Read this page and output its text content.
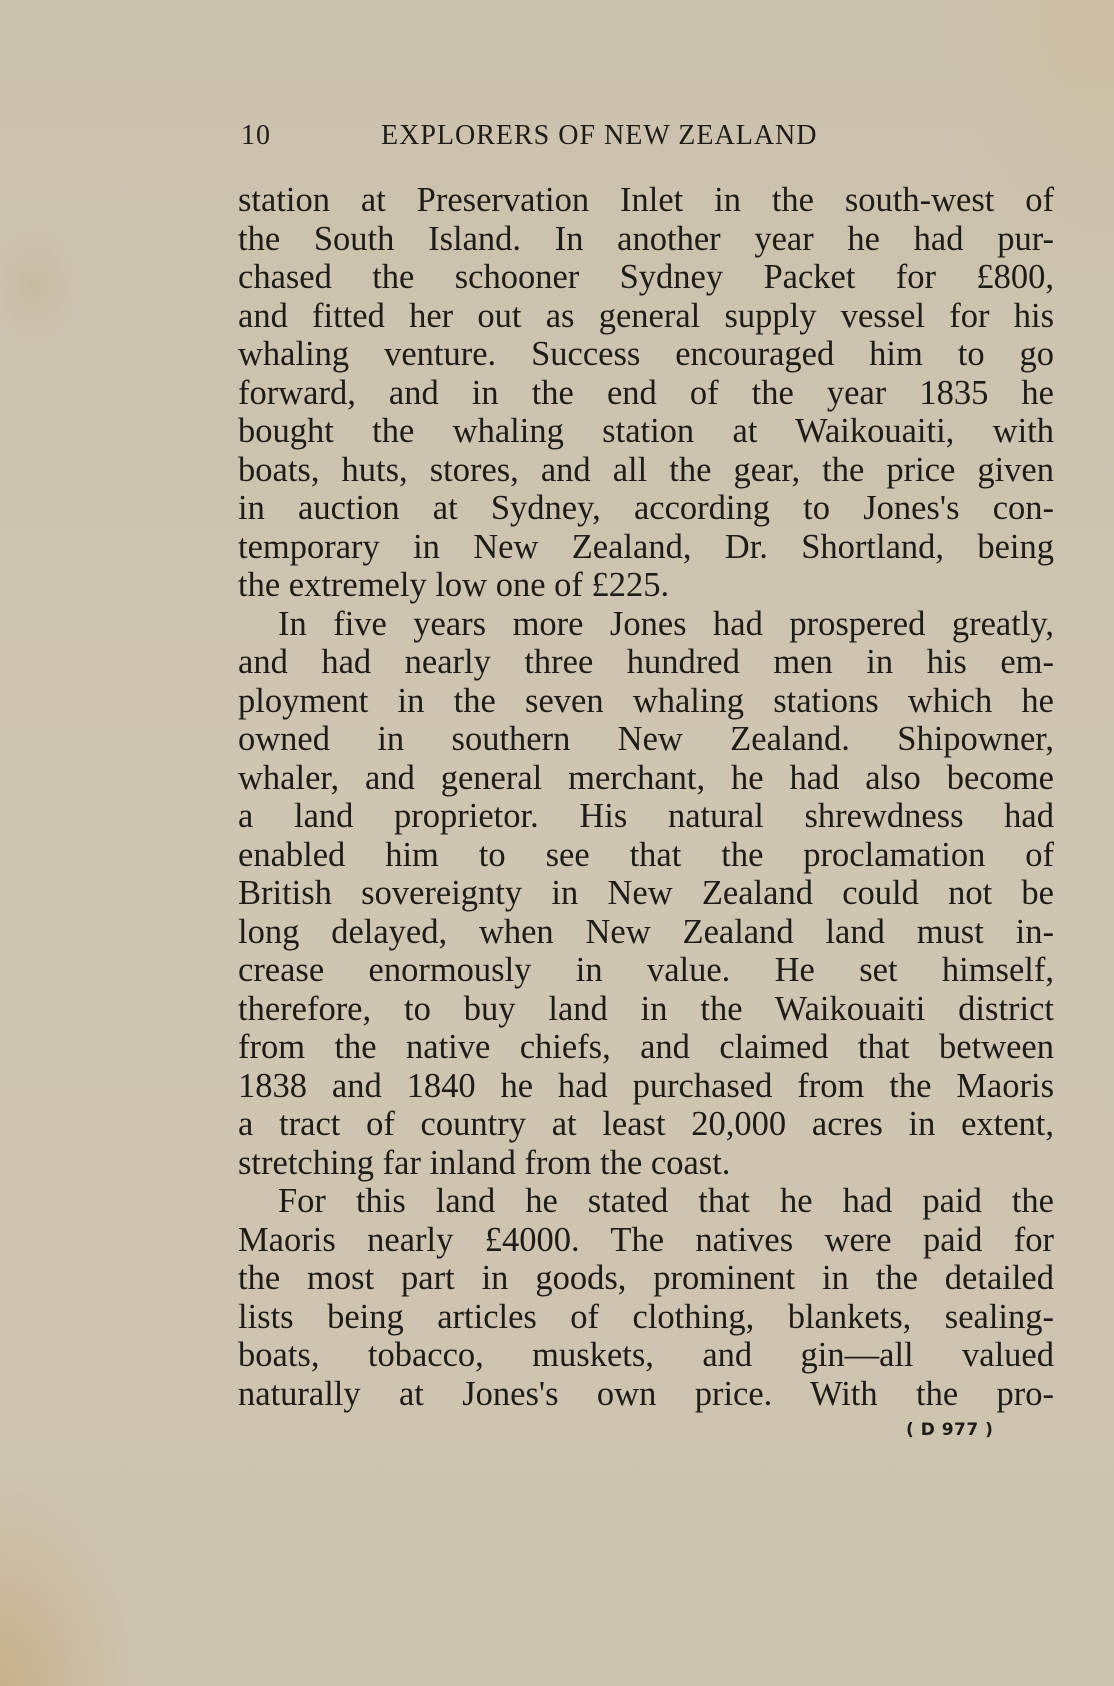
10	EXPLORERS OF NEW ZEALAND
station at Preservation Inlet in the south-west of
the South Island. In another year he had pur-
chased the schooner Sydney Packet for £800,
and fitted her out as general supply vessel for his
whaling venture. Success encouraged him to go
forward, and in the end of the year 1835 he
bought the whaling station at Waikouaiti, with
boats, huts, stores, and all the gear, the price given
in auction at Sydney, according to Jones's con-
temporary in New Zealand, Dr. Shortland, being
the extremely low one of £225.
In five years more Jones had prospered greatly,
and had nearly three hundred men in his em-
ployment in the seven whaling stations which he
owned in southern New Zealand. Shipowner,
whaler, and general merchant, he had also become
a land proprietor. His natural shrewdness had
enabled him to see that the proclamation of
British sovereignty in New Zealand could not be
long delayed, when New Zealand land must in-
crease enormously in value. He set himself,
therefore, to buy land in the Waikouaiti district
from the native chiefs, and claimed that between
1838 and 1840 he had purchased from the Maoris
a tract of country at least 20,000 acres in extent,
stretching far inland from the coast.
For this land he stated that he had paid the
Maoris nearly £4000. The natives were paid for
the most part in goods, prominent in the detailed
lists being articles of clothing, blankets, sealing-
boats, tobacco, muskets, and gin—all valued
naturally at Jones's own price. With the pro-
( D 977 )
